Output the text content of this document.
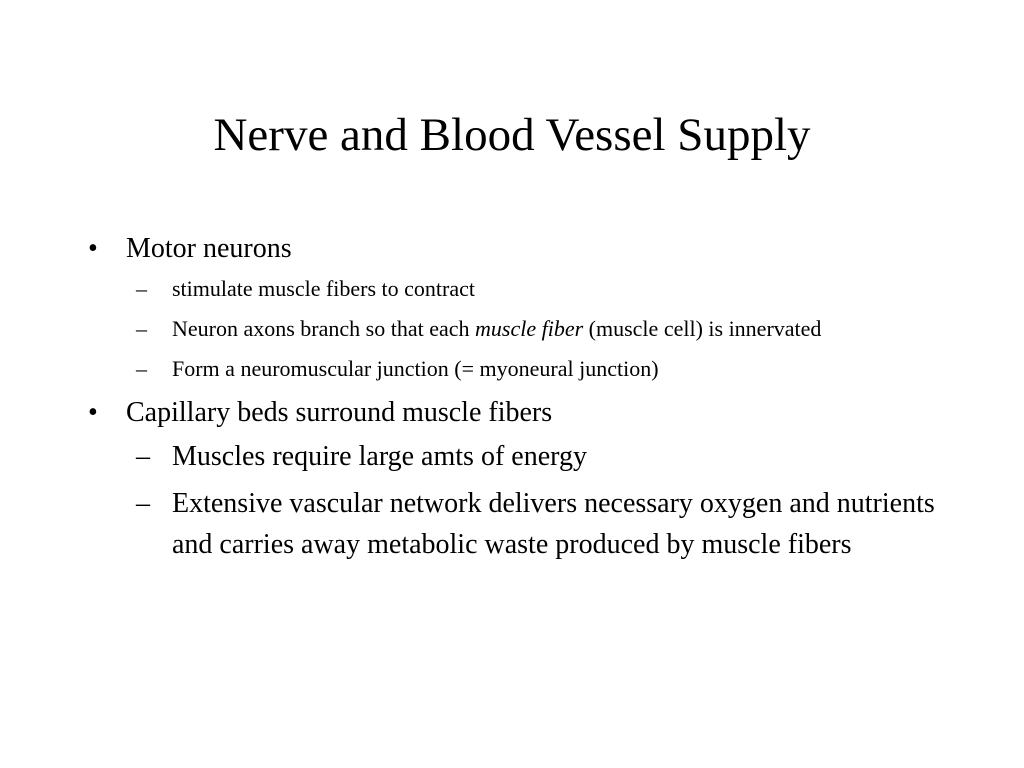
Nerve and Blood Vessel Supply
• Motor neurons
– stimulate muscle fibers to contract
– Neuron axons branch so that each muscle fiber (muscle cell) is innervated
– Form a neuromuscular junction (= myoneural junction)
• Capillary beds surround muscle fibers
– Muscles require large amts of energy
– Extensive vascular network delivers necessary oxygen and nutrients and carries away metabolic waste produced by muscle fibers
